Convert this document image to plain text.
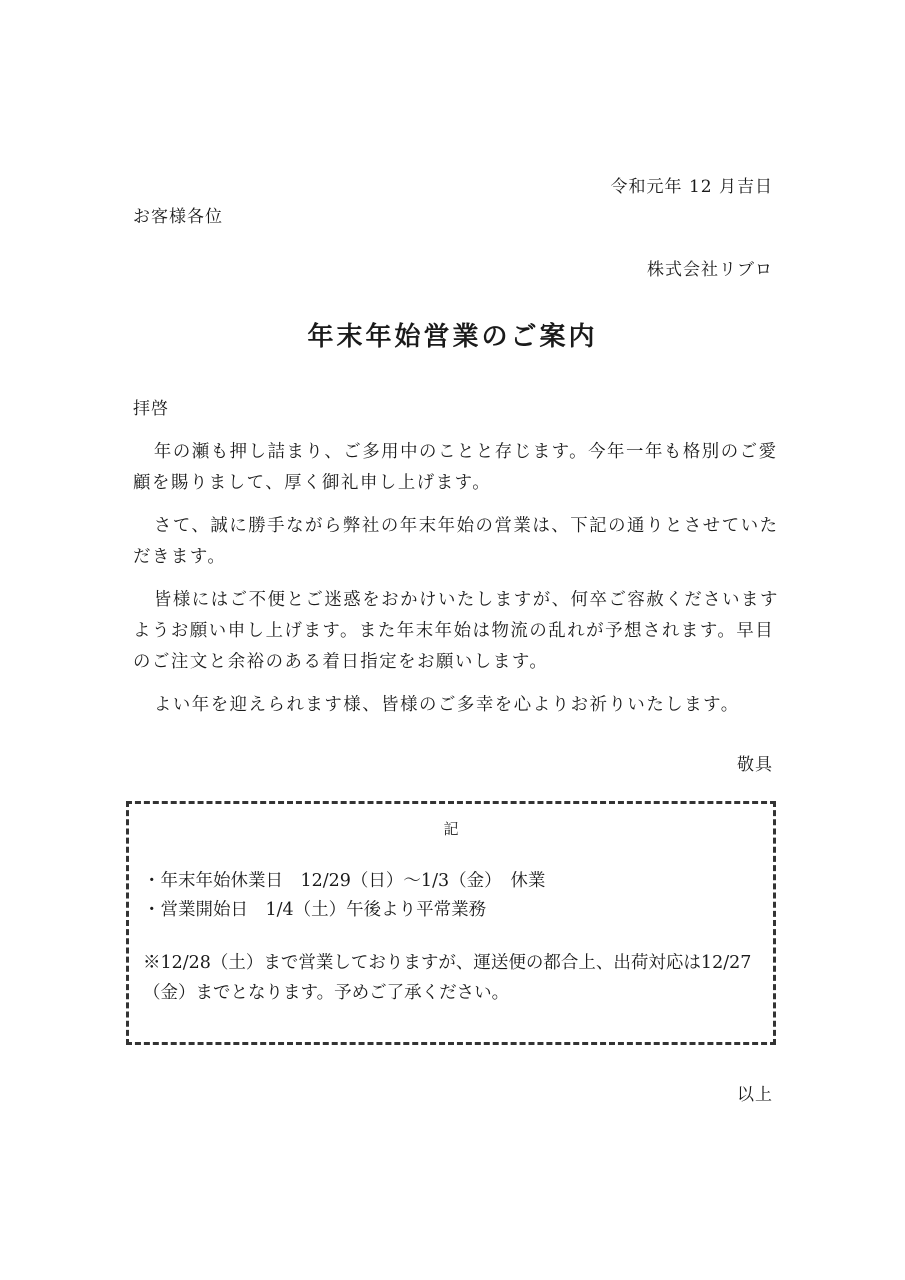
令和元年 12 月吉日
お客様各位
株式会社リブロ
年末年始営業のご案内
拝啓

年の瀬も押し詰まり、ご多用中のことと存じます。今年一年も格別のご愛顧を賜りまして、厚く御礼申し上げます。

さて、誠に勝手ながら弊社の年末年始の営業は、下記の通りとさせていただきます。

皆様にはご不便とご迷惑をおかけいたしますが、何卒ご容赦くださいますようお願い申し上げます。また年末年始は物流の乱れが予想されます。早目のご注文と余裕のある着日指定をお願いします。

よい年を迎えられます様、皆様のご多幸を心よりお祈りいたします。

敬具
記
・年末年始休業日　12/29（日）～1/3（金）　休業
・営業開始日　1/4（土）午後より平常業務
※12/28（土）まで営業しておりますが、運送便の都合上、出荷対応は12/27（金）までとなります。予めご了承ください。
以上
